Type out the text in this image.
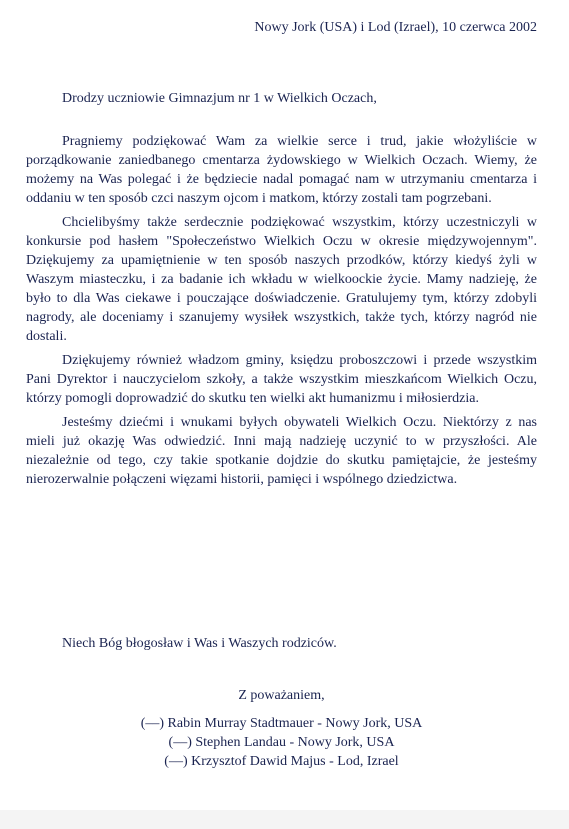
Nowy Jork (USA) i Lod (Izrael), 10 czerwca 2002
Drodzy uczniowie Gimnazjum nr 1 w Wielkich Oczach,

Pragniemy podziękować Wam za wielkie serce i trud, jakie włożyliście w porządkowanie zaniedbanego cmentarza żydowskiego w Wielkich Oczach. Wiemy, że możemy na Was polegać i że będziecie nadal pomagać nam w utrzymaniu cmentarza i oddaniu w ten sposób czci naszym ojcom i matkom, którzy zostali tam pogrzebani.

Chcielibyśmy także serdecznie podziękować wszystkim, którzy uczestniczyli w konkursie pod hasłem "Społeczeństwo Wielkich Oczu w okresie międzywojennym". Dziękujemy za upamiętnienie w ten sposób naszych przodków, którzy kiedyś żyli w Waszym miasteczku, i za badanie ich wkładu w wielkoockie życie. Mamy nadzieję, że było to dla Was ciekawe i pouczające doświadczenie. Gratulujemy tym, którzy zdobyli nagrody, ale doceniamy i szanujemy wysiłek wszystkich, także tych, którzy nagród nie dostali.

Dziękujemy również władzom gminy, księdzu proboszczowi i przede wszystkim Pani Dyrektor i nauczycielom szkoły, a także wszystkim mieszkańcom Wielkich Oczu, którzy pomogli doprowadzić do skutku ten wielki akt humanizmu i miłosierdzia.

Jesteśmy dziećmi i wnukami byłych obywateli Wielkich Oczu. Niektórzy z nas mieli już okazję Was odwiedzić. Inni mają nadzieję uczynić to w przyszłości. Ale niezależnie od tego, czy takie spotkanie dojdzie do skutku pamiętajcie, że jesteśmy nierozerwalnie połączeni więzami historii, pamięci i wspólnego dziedzictwa.

Niech Bóg błogosław i Was i Waszych rodziców.
Z poważaniem,
(––) Rabin Murray Stadtmauer - Nowy Jork, USA
(––) Stephen Landau - Nowy Jork, USA
(––) Krzysztof Dawid Majus - Lod, Izrael
